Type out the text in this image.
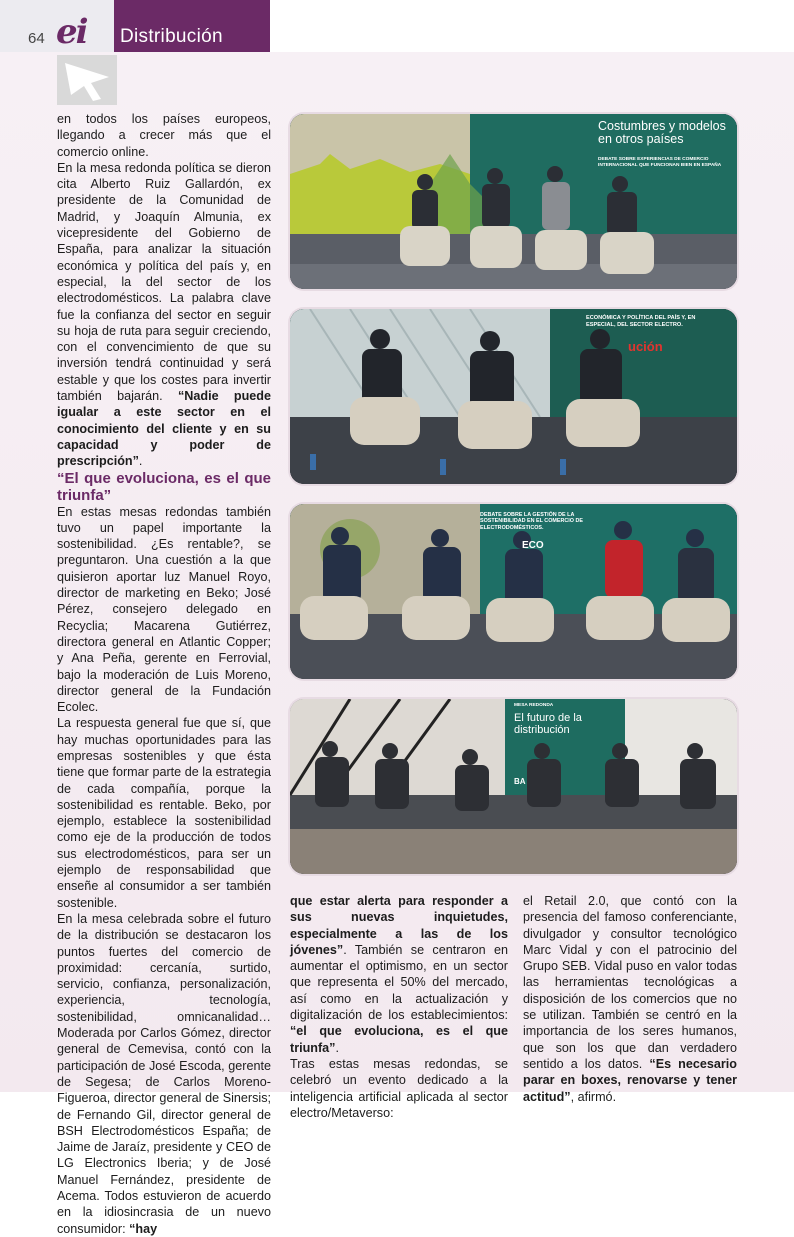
64 ei Distribución

en todos los países europeos, llegando a crecer más que el comercio online.

En la mesa redonda política se dieron cita Alberto Ruiz Gallardón, ex presidente de la Comunidad de Madrid, y Joaquín Almunia, ex vicepresidente del Gobierno de España, para analizar la situación económica y política del país y, en especial, la del sector de los electrodomésticos. La palabra clave fue la confianza del sector en seguir su hoja de ruta para seguir creciendo, con el convencimiento de que su inversión tendrá continuidad y será estable y que los costes para invertir también bajarán. “Nadie puede igualar a este sector en el conocimiento del cliente y en su capacidad y poder de prescripción”.

“El que evoluciona, es el que triunfa”

En estas mesas redondas también tuvo un papel importante la sostenibilidad. ¿Es rentable?, se preguntaron. Una cuestión a la que quisieron aportar luz Manuel Royo, director de marketing en Beko; José Pérez, consejero delegado en Recyclia; Macarena Gutiérrez, directora general en Atlantic Copper; y Ana Peña, gerente en Ferrovial, bajo la moderación de Luis Moreno, director general de la Fundación Ecolec.

La respuesta general fue que sí, que hay muchas oportunidades para las empresas sostenibles y que ésta tiene que formar parte de la estrategia de cada compañía, porque la sostenibilidad es rentable. Beko, por ejemplo, establece la sostenibilidad como eje de la producción de todos sus electrodomésticos, para ser un ejemplo de responsabilidad que enseñe al consumidor a ser también sostenible.

En la mesa celebrada sobre el futuro de la distribución se destacaron los puntos fuertes del comercio de proximidad: cercanía, surtido, servicio, confianza, personalización, experiencia, tecnología, sostenibilidad, omnicanalidad… Moderada por Carlos Gómez, director general de Cemevisa, contó con la participación de José Escoda, gerente de Segesa; de Carlos Moreno-Figueroa, director general de Sinersis; de Fernando Gil, director general de BSH Electrodomésticos España; de Jaime de Jaraíz, presidente y CEO de LG Electronics Iberia; y de José Manuel Fernández, presidente de Acema. Todos estuvieron de acuerdo en la idiosincrasia de un nuevo consumidor: “hay

que estar alerta para responder a sus nuevas inquietudes, especialmente a las de los jóvenes”. También se centraron en aumentar el optimismo, en un sector que representa el 50% del mercado, así como en la actualización y digitalización de los establecimientos: “el que evoluciona, es el que triunfa”.

Tras estas mesas redondas, se celebró un evento dedicado a la inteligencia artificial aplicada al sector electro/Metaverso:

el Retail 2.0, que contó con la presencia del famoso conferenciante, divulgador y consultor tecnológico Marc Vidal y con el patrocinio del Grupo SEB. Vidal puso en valor todas las herramientas tecnológicas a disposición de los comercios que no se utilizan. También se centró en la importancia de los seres humanos, que son los que dan verdadero sentido a los datos. “Es necesario parar en boxes, renovarse y tener actitud”, afirmó.

Costumbres y modelos en otros países
DEBATE SOBRE EXPERIENCIAS DE COMERCIO INTERNACIONAL QUE FUNCIONAN BIEN EN ESPAÑA
ECONÓMICA Y POLÍTICA DEL PAÍS Y, EN ESPECIAL, DEL SECTOR ELECTRO.
ución
DEBATE SOBRE LA GESTIÓN DE LA SOSTENIBILIDAD EN EL COMERCIO DE ELECTRODOMÉSTICOS.
ECO
MESA REDONDA
El futuro de la distribución
BA
